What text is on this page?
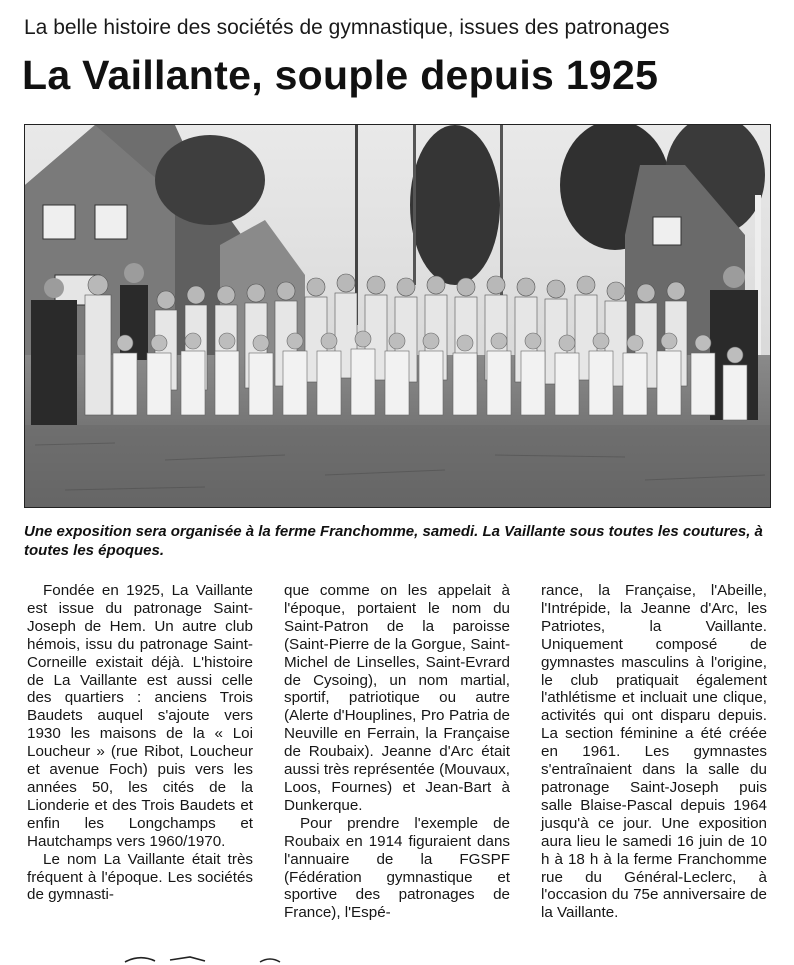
La belle histoire des sociétés de gymnastique, issues des patronages
La Vaillante, souple depuis 1925
Une exposition sera organisée à la ferme Franchomme, samedi. La Vaillante sous toutes les coutures, à toutes les époques.

Fondée en 1925, La Vaillante est issue du patronage Saint-Joseph de Hem. Un autre club hémois, issu du patronage Saint-Corneille existait déjà. L'histoire de La Vaillante est aussi celle des quartiers : anciens Trois Baudets auquel s'ajoute vers 1930 les maisons de la « Loi Loucheur » (rue Ribot, Loucheur et avenue Foch) puis vers les années 50, les cités de la Lionderie et des Trois Baudets et enfin les Longchamps et Hautchamps vers 1960/1970.

Le nom La Vaillante était très fréquent à l'époque. Les sociétés de gymnasti-

que comme on les appelait à l'époque, portaient le nom du Saint-Patron de la paroisse (Saint-Pierre de la Gorgue, Saint-Michel de Linselles, Saint-Evrard de Cysoing), un nom martial, sportif, patriotique ou autre (Alerte d'Houplines, Pro Patria de Neuville en Ferrain, la Française de Roubaix). Jeanne d'Arc était aussi très représentée (Mouvaux, Loos, Fournes) et Jean-Bart à Dunkerque.

Pour prendre l'exemple de Roubaix en 1914 figuraient dans l'annuaire de la FGSPF (Fédération gymnastique et sportive des patronages de France), l'Espé-

rance, la Française, l'Abeille, l'Intrépide, la Jeanne d'Arc, les Patriotes, la Vaillante. Uniquement composé de gymnastes masculins à l'origine, le club pratiquait également l'athlétisme et incluait une clique, activités qui ont disparu depuis. La section féminine a été créée en 1961. Les gymnastes s'entraînaient dans la salle du patronage Saint-Joseph puis salle Blaise-Pascal depuis 1964 jusqu'à ce jour. Une exposition aura lieu le samedi 16 juin de 10 h à 18 h à la ferme Franchomme rue du Général-Leclerc, à l'occasion du 75e anniversaire de la Vaillante.
